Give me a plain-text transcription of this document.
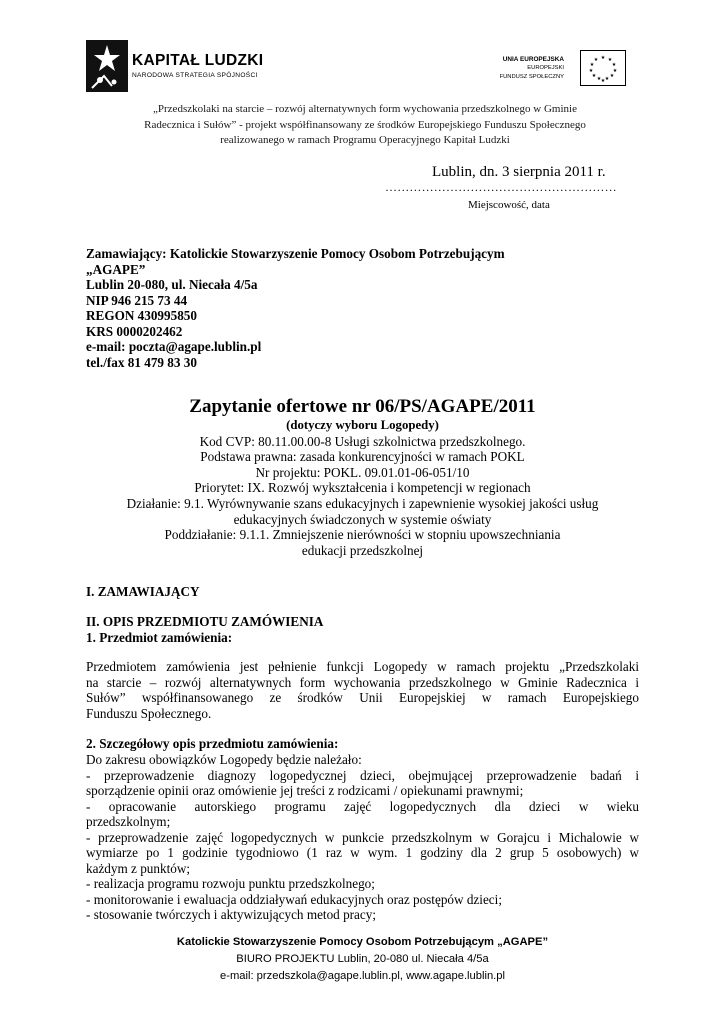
KAPITAŁ LUDZKI
NARODOWA STRATEGIA SPÓJNOŚCI
UNIA EUROPEJSKA
EUROPEJSKI
FUNDUSZ SPOŁECZNY
★ ★
★
★
★
★
★
★
★
★
★
★
„Przedszkolaki na starcie – rozwój alternatywnych form wychowania przedszkolnego w Gminie
Radecznica i Sułów” - projekt współfinansowany ze środków Europejskiego Funduszu Społecznego
realizowanego w ramach Programu Operacyjnego Kapitał Ludzki
Lublin, dn. 3 sierpnia 2011 r.
…………………………………………………
Miejscowość, data
Zamawiający: Katolickie Stowarzyszenie Pomocy Osobom Potrzebującym
„AGAPE”
Lublin 20-080, ul. Niecała 4/5a
NIP 946 215 73 44
REGON 430995850
KRS 0000202462
e-mail: poczta@agape.lublin.pl
tel./fax 81 479 83 30
Zapytanie ofertowe nr 06/PS/AGAPE/2011
(dotyczy wyboru Logopedy)
Kod CVP: 80.11.00.00-8 Usługi szkolnictwa przedszkolnego.
Podstawa prawna: zasada konkurencyjności w ramach POKL
Nr projektu: POKL. 09.01.01-06-051/10
Priorytet: IX. Rozwój wykształcenia i kompetencji w regionach
Działanie: 9.1. Wyrównywanie szans edukacyjnych i zapewnienie wysokiej jakości usług
edukacyjnych świadczonych w systemie oświaty
Poddziałanie: 9.1.1. Zmniejszenie nierówności w stopniu upowszechniania
edukacji przedszkolnej
I. ZAMAWIAJĄCY
II. OPIS PRZEDMIOTU ZAMÓWIENIA
1. Przedmiot zamówienia:
Przedmiotem zamówienia jest pełnienie funkcji Logopedy w ramach projektu „Przedszkolaki
na starcie – rozwój alternatywnych form wychowania przedszkolnego w Gminie Radecznica i
Sułów” współfinansowanego ze środków Unii Europejskiej w ramach Europejskiego
Funduszu Społecznego.
2. Szczegółowy opis przedmiotu zamówienia:
Do zakresu obowiązków Logopedy będzie należało:
- przeprowadzenie diagnozy logopedycznej dzieci, obejmującej przeprowadzenie badań i
sporządzenie opinii oraz omówienie jej treści z rodzicami / opiekunami prawnymi;
- opracowanie autorskiego programu zajęć logopedycznych dla dzieci w wieku
przedszkolnym;
- przeprowadzenie zajęć logopedycznych w punkcie przedszkolnym w Gorajcu i Michalowie w
wymiarze po 1 godzinie tygodniowo (1 raz w wym. 1 godziny dla 2 grup 5 osobowych) w
każdym z punktów;
- realizacja programu rozwoju punktu przedszkolnego;
- monitorowanie i ewaluacja oddziaływań edukacyjnych oraz postępów dzieci;
- stosowanie twórczych i aktywizujących metod pracy;
Katolickie Stowarzyszenie Pomocy Osobom Potrzebującym „AGAPE”
BIURO PROJEKTU Lublin, 20-080 ul. Niecała 4/5a
e-mail: przedszkola@agape.lublin.pl, www.agape.lublin.pl
